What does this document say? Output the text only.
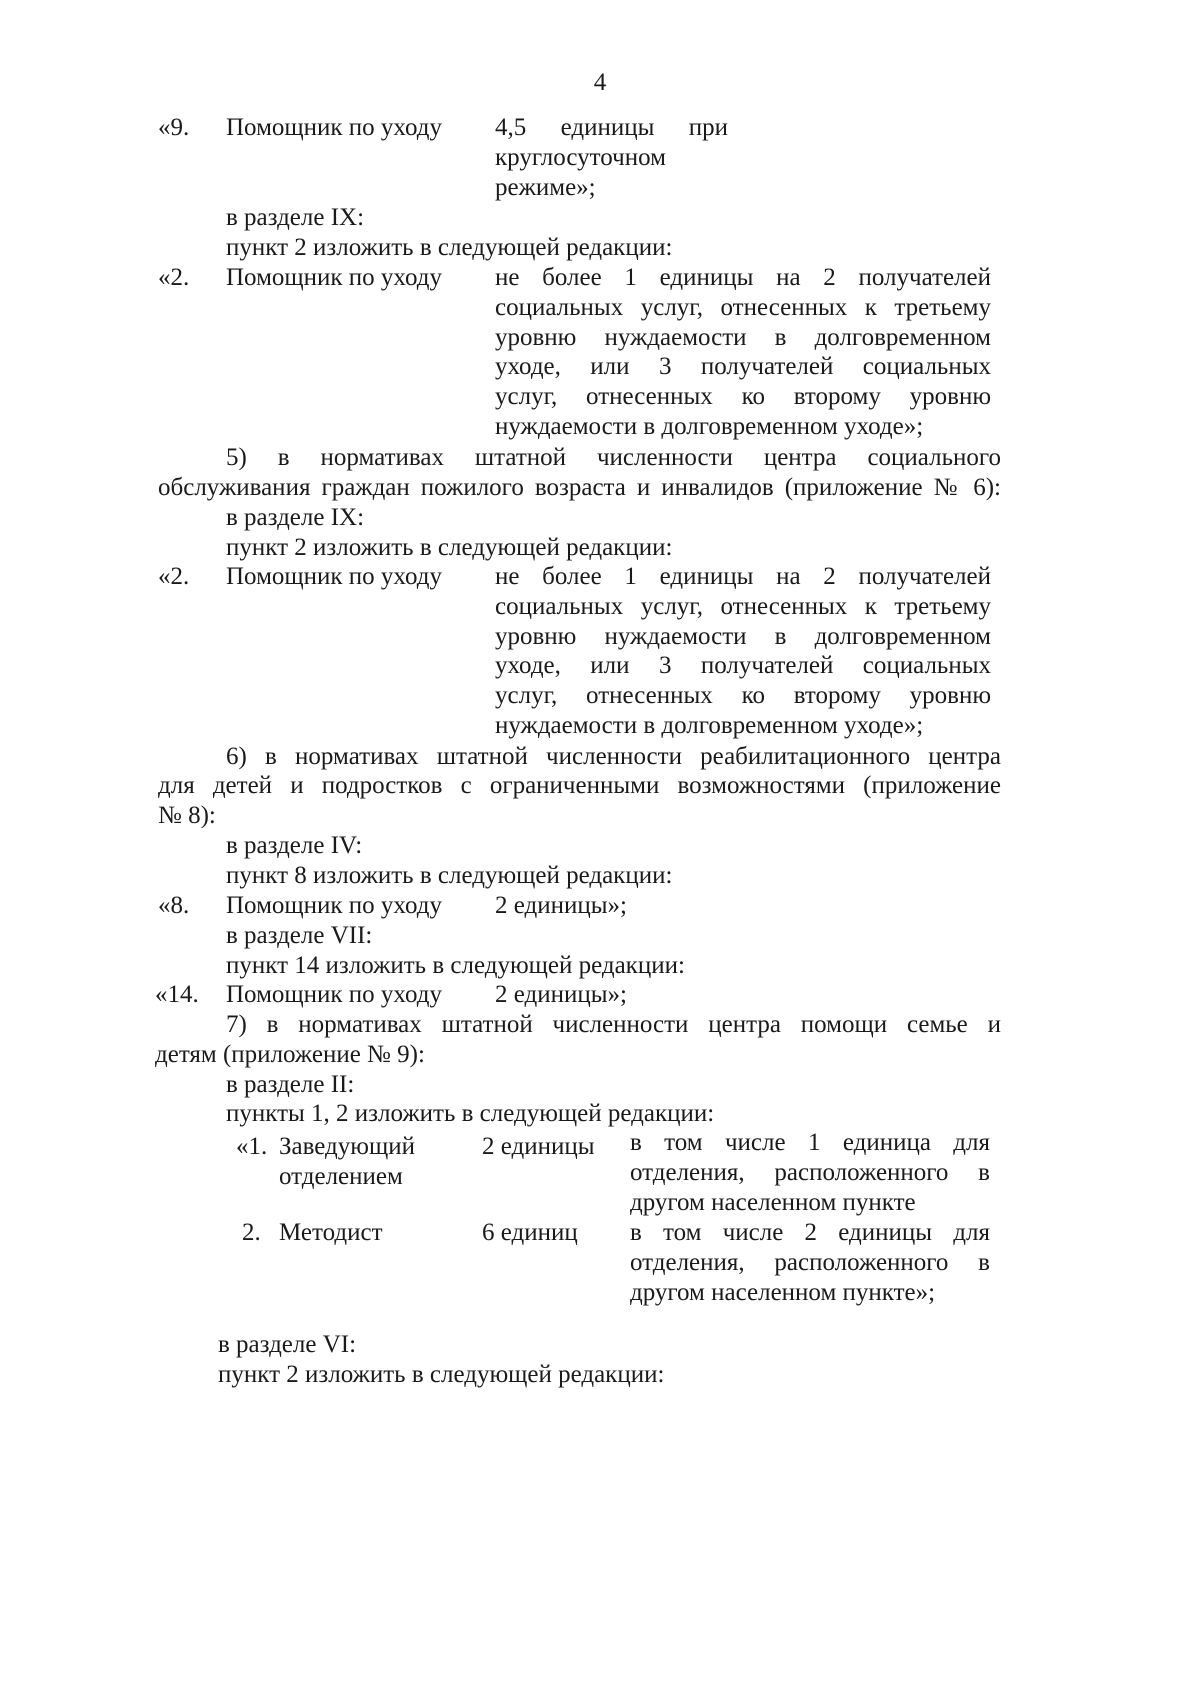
4
«9. Помощник по уходу 4,5 единицы при
круглосуточном
режиме»;
в разделе IX:
пункт 2 изложить в следующей редакции:
«2. Помощник по уходу не более 1 единицы на 2 получателей
социальных услуг, отнесенных к третьему
уровню нуждаемости в долговременном
уходе, или 3 получателей социальных
услуг, отнесенных ко второму уровню
нуждаемости в долговременном уходе»;
5) в нормативах штатной численности центра социального
обслуживания граждан пожилого возраста и инвалидов (приложение № 6):
в разделе IX:
пункт 2 изложить в следующей редакции:
«2. Помощник по уходу не более 1 единицы на 2 получателей
социальных услуг, отнесенных к третьему
уровню нуждаемости в долговременном
уходе, или 3 получателей социальных
услуг, отнесенных ко второму уровню
нуждаемости в долговременном уходе»;
6) в нормативах штатной численности реабилитационного центра
для детей и подростков с ограниченными возможностями (приложение
№ 8):
в разделе IV:
пункт 8 изложить в следующей редакции:
«8. Помощник по уходу 2 единицы»;
в разделе VII:
пункт 14 изложить в следующей редакции:
«14. Помощник по уходу 2 единицы»;
7) в нормативах штатной численности центра помощи семье и
детям (приложение № 9):
в разделе II:
пункты 1, 2 изложить в следующей редакции:
«1. Заведующий
отделением
2 единицы в том числе 1 единица для
отделения, расположенного в
другом населенном пункте
2. Методист	6 единиц в том числе 2 единицы для
отделения, расположенного в
другом населенном пункте»;
в разделе VI:
пункт 2 изложить в следующей редакции:
